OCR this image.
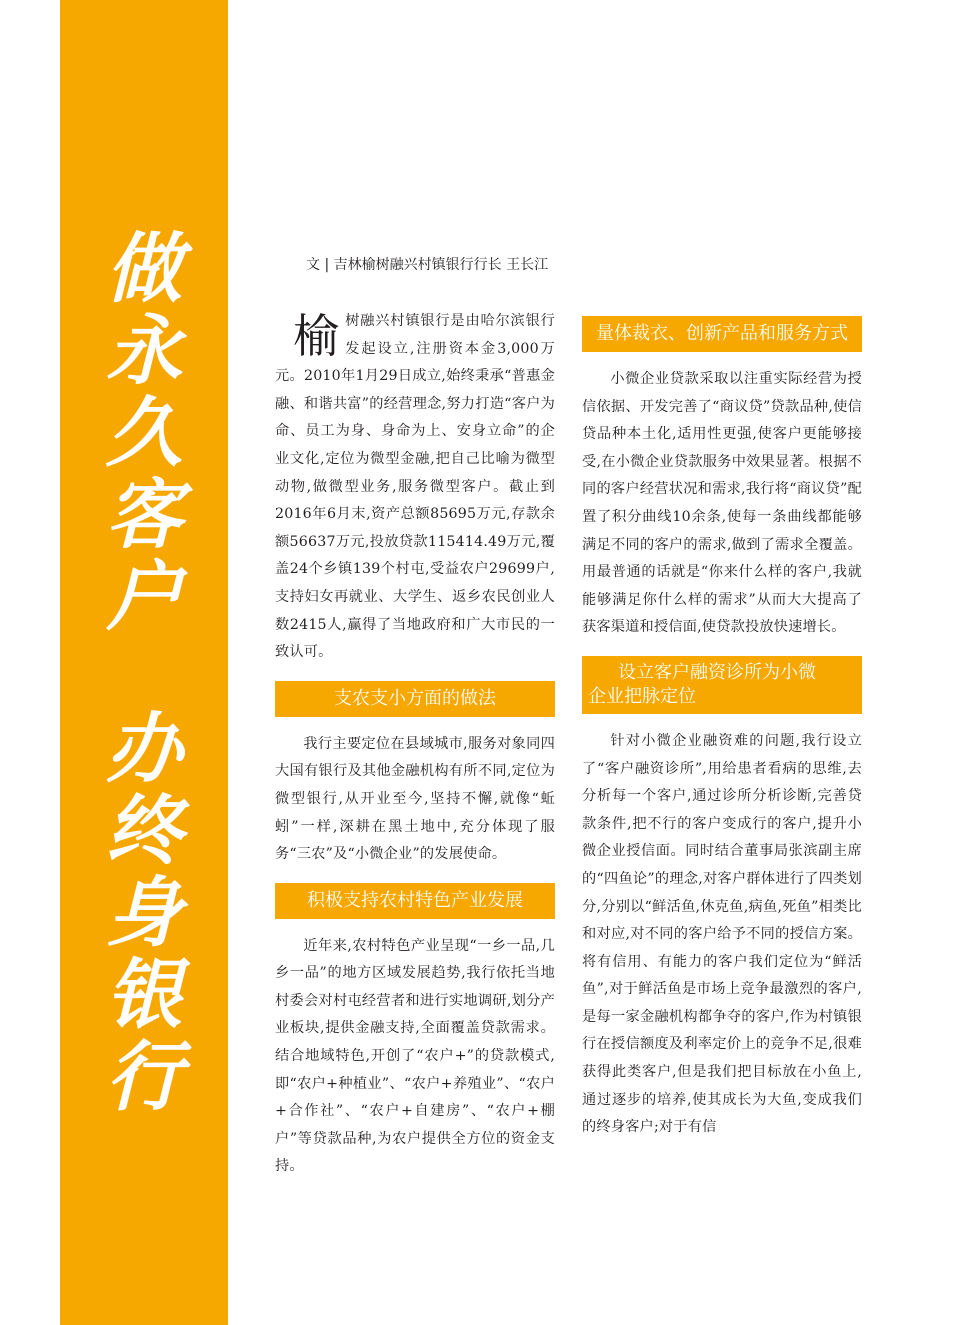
做
永
久
客
户
办
终
身
银
行
文 | 吉林榆树融兴村镇银行行长 王长江

榆树融兴村镇银行是由哈尔滨银行发起设立,注册资本金3,000万元。2010年1月29日成立,始终秉承“普惠金融、和谐共富”的经营理念,努力打造“客户为命、员工为身、身命为上、安身立命”的企业文化,定位为微型金融,把自己比喻为微型动物,做微型业务,服务微型客户。截止到2016年6月末,资产总额85695万元,存款余额56637万元,投放贷款115414.49万元,覆盖24个乡镇139个村屯,受益农户29699户,支持妇女再就业、大学生、返乡农民创业人数2415人,赢得了当地政府和广大市民的一致认可。

支农支小方面的做法

我行主要定位在县域城市,服务对象同四大国有银行及其他金融机构有所不同,定位为微型银行,从开业至今,坚持不懈,就像“蚯蚓”一样,深耕在黑土地中,充分体现了服务“三农”及“小微企业”的发展使命。

积极支持农村特色产业发展

近年来,农村特色产业呈现“一乡一品,几乡一品”的地方区域发展趋势,我行依托当地村委会对村屯经营者和进行实地调研,划分产业板块,提供金融支持,全面覆盖贷款需求。结合地域特色,开创了“农户+”的贷款模式,即“农户+种植业”、“农户+养殖业”、“农户+合作社”、“农户+自建房”、“农户+棚户”等贷款品种,为农户提供全方位的资金支持。

量体裁衣、创新产品和服务方式

小微企业贷款采取以注重实际经营为授信依据、开发完善了“商议贷”贷款品种,使信贷品种本土化,适用性更强,使客户更能够接受,在小微企业贷款服务中效果显著。根据不同的客户经营状况和需求,我行将“商议贷”配置了积分曲线10余条,使每一条曲线都能够满足不同的客户的需求,做到了需求全覆盖。用最普通的话就是“你来什么样的客户,我就能够满足你什么样的需求”从而大大提高了获客渠道和授信面,使贷款投放快速增长。

设立客户融资诊所为小微
企业把脉定位

针对小微企业融资难的问题,我行设立了“客户融资诊所”,用给患者看病的思维,去分析每一个客户,通过诊所分析诊断,完善贷款条件,把不行的客户变成行的客户,提升小微企业授信面。同时结合董事局张滨副主席的“四鱼论”的理念,对客户群体进行了四类划分,分别以“鲜活鱼,休克鱼,病鱼,死鱼”相类比和对应,对不同的客户给予不同的授信方案。将有信用、有能力的客户我们定位为“鲜活鱼”,对于鲜活鱼是市场上竞争最激烈的客户,是每一家金融机构都争夺的客户,作为村镇银行在授信额度及利率定价上的竞争不足,很难获得此类客户,但是我们把目标放在小鱼上,通过逐步的培养,使其成长为大鱼,变成我们的终身客户;对于有信
